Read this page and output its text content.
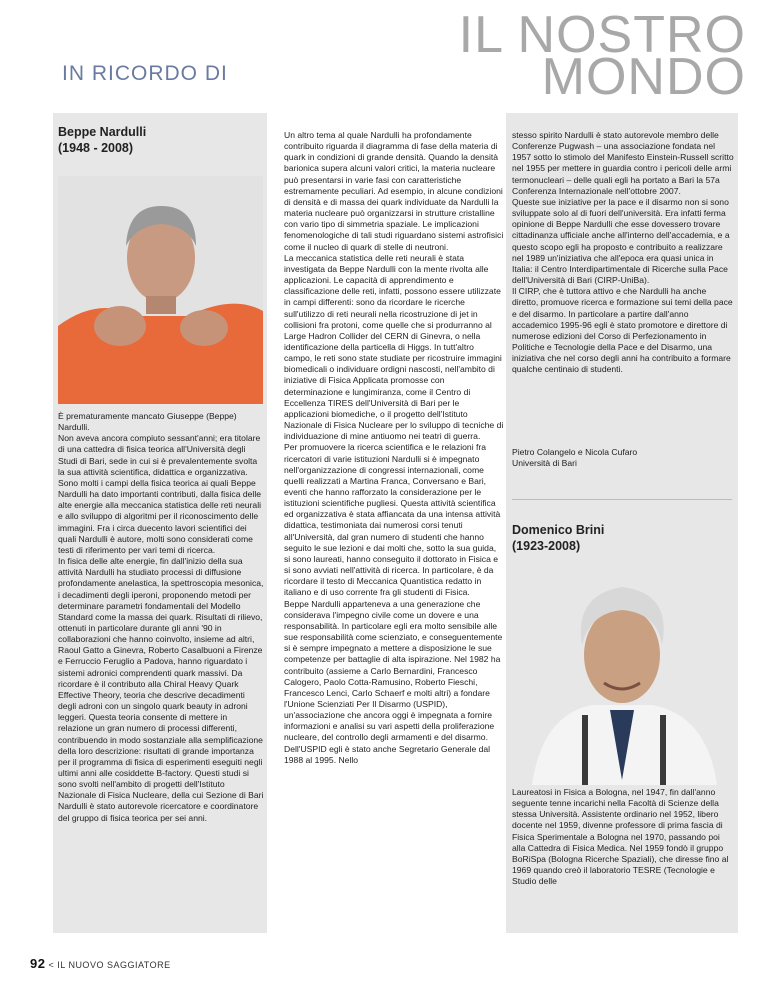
IN RICORDO DI
IL NOSTRO
MONDO
Beppe Nardulli
(1948 - 2008)

È prematuramente mancato Giuseppe (Beppe) Nardulli.

Non aveva ancora compiuto sessant'anni; era titolare di una cattedra di fisica teorica all'Università degli Studi di Bari, sede in cui si è prevalentemente svolta la sua attività scientifica, didattica e organizzativa.

Sono molti i campi della fisica teorica ai quali Beppe Nardulli ha dato importanti contributi, dalla fisica delle alte energie alla meccanica statistica delle reti neurali e allo sviluppo di algoritmi per il riconoscimento delle immagini. Fra i circa duecento lavori scientifici dei quali Nardulli è autore, molti sono considerati come testi di riferimento per vari temi di ricerca.

In fisica delle alte energie, fin dall'inizio della sua attività Nardulli ha studiato processi di diffusione profondamente anelastica, la spettroscopia mesonica, i decadimenti degli iperoni, proponendo metodi per determinare parametri fondamentali del Modello Standard come la massa dei quark. Risultati di rilievo, ottenuti in particolare durante gli anni '90 in collaborazioni che hanno coinvolto, insieme ad altri, Raoul Gatto a Ginevra, Roberto Casalbuoni a Firenze e Ferruccio Feruglio a Padova, hanno riguardato i sistemi adronici comprendenti quark massivi. Da ricordare è il contributo alla Chiral Heavy Quark Effective Theory, teoria che descrive decadimenti degli adroni con un singolo quark beauty in adroni leggeri. Questa teoria consente di mettere in relazione un gran numero di processi differenti, contribuendo in modo sostanziale alla semplificazione della loro descrizione: risultati di grande importanza per il programma di fisica di esperimenti eseguiti negli ultimi anni alle cosiddette B-factory. Questi studi si sono svolti nell'ambito di progetti dell'Istituto Nazionale di Fisica Nucleare, della cui Sezione di Bari Nardulli è stato autorevole ricercatore e coordinatore del gruppo di fisica teorica per sei anni.

Un altro tema al quale Nardulli ha profondamente contribuito riguarda il diagramma di fase della materia di quark in condizioni di grande densità. Quando la densità barionica supera alcuni valori critici, la materia nucleare può presentarsi in varie fasi con caratteristiche estremamente peculiari. Ad esempio, in alcune condizioni di densità e di massa dei quark individuate da Nardulli la materia nucleare può organizzarsi in strutture cristalline con vario tipo di simmetria spaziale. Le implicazioni fenomenologiche di tali studi riguardano sistemi astrofisici come il nucleo di quark di stelle di neutroni.

La meccanica statistica delle reti neurali è stata investigata da Beppe Nardulli con la mente rivolta alle applicazioni. Le capacità di apprendimento e classificazione delle reti, infatti, possono essere utilizzate in campi differenti: sono da ricordare le ricerche sull'utilizzo di reti neurali nella ricostruzione di jet in collisioni fra protoni, come quelle che si produrranno al Large Hadron Collider del CERN di Ginevra, o nella identificazione della particella di Higgs. In tutt'altro campo, le reti sono state studiate per ricostruire immagini biomedicali o individuare ordigni nascosti, nell'ambito di iniziative di Fisica Applicata promosse con determinazione e lungimiranza, come il Centro di Eccellenza TIRES dell'Università di Bari per le applicazioni biomediche, o il progetto dell'Istituto Nazionale di Fisica Nucleare per lo sviluppo di tecniche di individuazione di mine antiuomo nei teatri di guerra.

Per promuovere la ricerca scientifica e le relazioni fra ricercatori di varie istituzioni Nardulli si è impegnato nell'organizzazione di congressi internazionali, come quelli realizzati a Martina Franca, Conversano e Bari, eventi che hanno rafforzato la considerazione per le istituzioni scientifiche pugliesi. Questa attività scientifica ed organizzativa è stata affiancata da una intensa attività didattica, testimoniata dai numerosi corsi tenuti all'Università, dal gran numero di studenti che hanno seguito le sue lezioni e dai molti che, sotto la sua guida, si sono laureati, hanno conseguito il dottorato in Fisica e si sono avviati nell'attività di ricerca. In particolare, è da ricordare il testo di Meccanica Quantistica redatto in italiano e di uso corrente fra gli studenti di Fisica.

Beppe Nardulli apparteneva a una generazione che considerava l'impegno civile come un dovere e una responsabilità. In particolare egli era molto sensibile alle sue responsabilità come scienziato, e conseguentemente si è sempre impegnato a mettere a disposizione le sue competenze per battaglie di alta ispirazione. Nel 1982 ha contribuito (assieme a Carlo Bernardini, Francesco Calogero, Paolo Cotta-Ramusino, Roberto Fieschi, Francesco Lenci, Carlo Schaerf e molti altri) a fondare l'Unione Scienziati Per Il Disarmo (USPID), un'associazione che ancora oggi è impegnata a fornire informazioni e analisi su vari aspetti della proliferazione nucleare, del controllo degli armamenti e del disarmo. Dell'USPID egli è stato anche Segretario Generale dal 1988 al 1995. Nello

stesso spirito Nardulli è stato autorevole membro delle Conferenze Pugwash – una associazione fondata nel 1957 sotto lo stimolo del Manifesto Einstein-Russell scritto nel 1955 per mettere in guardia contro i pericoli delle armi termonucleari – delle quali egli ha portato a Bari la 57a Conferenza Internazionale nell'ottobre 2007.

Queste sue iniziative per la pace e il disarmo non si sono sviluppate solo al di fuori dell'università. Era infatti ferma opinione di Beppe Nardulli che esse dovessero trovare cittadinanza ufficiale anche all'interno dell'accademia, e a questo scopo egli ha proposto e contribuito a realizzare nel 1989 un'iniziativa che all'epoca era quasi unica in Italia: il Centro Interdipartimentale di Ricerche sulla Pace dell'Università di Bari (CIRP-UniBa).

Il CIRP, che è tuttora attivo e che Nardulli ha anche diretto, promuove ricerca e formazione sui temi della pace e del disarmo. In particolare a partire dall'anno accademico 1995-96 egli è stato promotore e direttore di numerose edizioni del Corso di Perfezionamento in Politiche e Tecnologie della Pace e del Disarmo, una iniziativa che nel corso degli anni ha contribuito a formare qualche centinaio di studenti.

Pietro Colangelo e Nicola Cufaro
Università di Bari
Domenico Brini
(1923-2008)

Laureatosi in Fisica a Bologna, nel 1947, fin dall'anno seguente tenne incarichi nella Facoltà di Scienze della stessa Università. Assistente ordinario nel 1952, libero docente nel 1959, divenne professore di prima fascia di Fisica Sperimentale a Bologna nel 1970, passando poi alla Cattedra di Fisica Medica. Nel 1959 fondò il gruppo BoRiSpa (Bologna Ricerche Spaziali), che diresse fino al 1969 quando creò il laboratorio TESRE (Tecnologie e Studio delle

92 < IL NUOVO SAGGIATORE
